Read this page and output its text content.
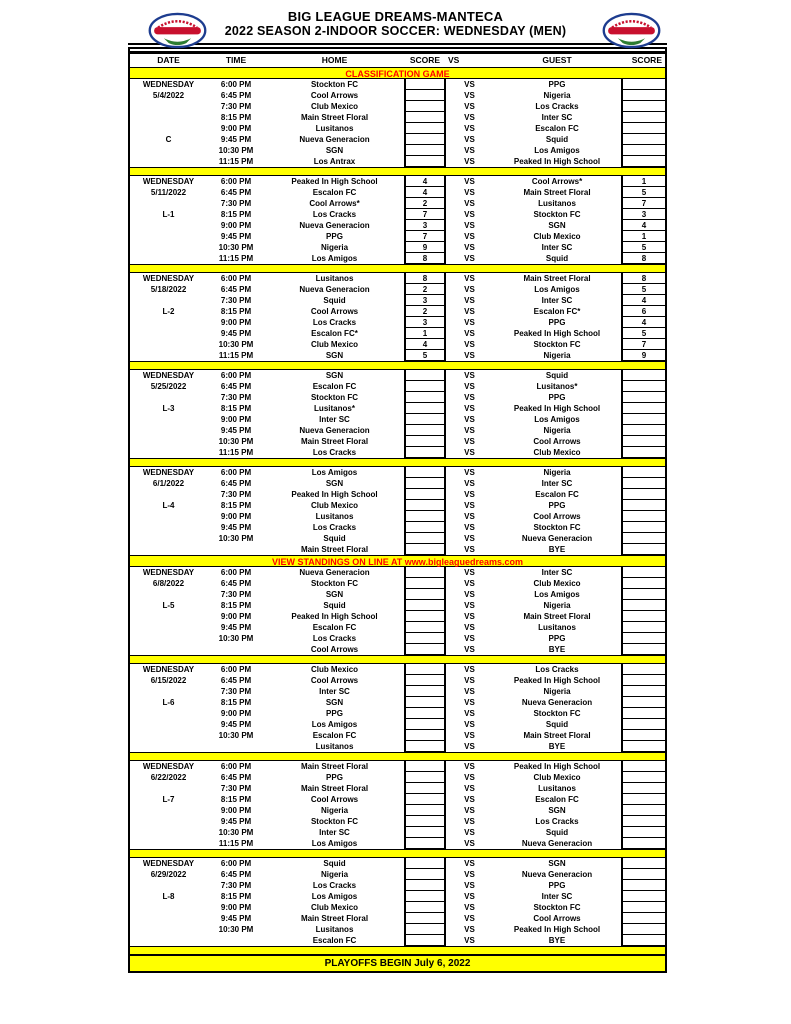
BIG LEAGUE DREAMS-MANTECA
2022 SEASON 2-INDOOR SOCCER: WEDNESDAY (MEN)
DATE	TIME	HOME	SCORE VS	GUEST	SCORE
CLASSIFICATION GAME
WEDNESDAY	6:00 PM	Stockton FC	VS	PPG
5/4/2022	6:45 PM	Cool Arrows	VS	Nigeria
7:30 PM	Club Mexico	VS	Los Cracks
8:15 PM	Main Street Floral	VS	Inter SC
9:00 PM	Lusitanos	VS	Escalon FC
C	9:45 PM	Nueva Generacion	VS	Squid
10:30 PM	SGN	VS	Los Amigos
11:15 PM	Los Antrax	VS	Peaked In High School
WEDNESDAY	6:00 PM	Peaked In High School	4	VS	Cool Arrows*	1
5/11/2022	6:45 PM	Escalon FC	4	VS	Main Street Floral	5
7:30 PM	Cool Arrows*	2	VS	Lusitanos	7
L-1	8:15 PM	Los Cracks	7	VS	Stockton FC	3
9:00 PM	Nueva Generacion	3	VS	SGN	4
9:45 PM	PPG	7	VS	Club Mexico	1
10:30 PM	Nigeria	9	VS	Inter SC	5
11:15 PM	Los Amigos	8	VS	Squid	8
WEDNESDAY	6:00 PM	Lusitanos	8	VS	Main Street Floral	8
5/18/2022	6:45 PM	Nueva Generacion	2	VS	Los Amigos	5
7:30 PM	Squid	3	VS	Inter SC	4
L-2	8:15 PM	Cool Arrows	2	VS	Escalon FC*	6
9:00 PM	Los Cracks	3	VS	PPG	4
9:45 PM	Escalon FC*	1	VS	Peaked In High School	5
10:30 PM	Club Mexico	4	VS	Stockton FC	7
11:15 PM	SGN	5	VS	Nigeria	9
WEDNESDAY	6:00 PM	SGN	VS	Squid
5/25/2022	6:45 PM	Escalon FC	VS	Lusitanos*
7:30 PM	Stockton FC	VS	PPG
L-3	8:15 PM	Lusitanos*	VS	Peaked In High School
9:00 PM	Inter SC	VS	Los Amigos
9:45 PM	Nueva Generacion	VS	Nigeria
10:30 PM	Main Street Floral	VS	Cool Arrows
11:15 PM	Los Cracks	VS	Club Mexico
WEDNESDAY	6:00 PM	Los Amigos	VS	Nigeria
6/1/2022	6:45 PM	SGN	VS	Inter SC
7:30 PM	Peaked In High School	VS	Escalon FC
L-4	8:15 PM	Club Mexico	VS	PPG
9:00 PM	Lusitanos	VS	Cool Arrows
9:45 PM	Los Cracks	VS	Stockton FC
10:30 PM	Squid	VS	Nueva Generacion
Main Street Floral	VS	BYE
VIEW STANDINGS ON LINE AT www.bigleaguedreams.com
WEDNESDAY	6:00 PM	Nueva Generacion	VS	Inter SC
6/8/2022	6:45 PM	Stockton FC	VS	Club Mexico
7:30 PM	SGN	VS	Los Amigos
L-5	8:15 PM	Squid	VS	Nigeria
9:00 PM	Peaked In High School	VS	Main Street Floral
9:45 PM	Escalon FC	VS	Lusitanos
10:30 PM	Los Cracks	VS	PPG
Cool Arrows	VS	BYE
WEDNESDAY	6:00 PM	Club Mexico	VS	Los Cracks
6/15/2022	6:45 PM	Cool Arrows	VS	Peaked In High School
7:30 PM	Inter SC	VS	Nigeria
L-6	8:15 PM	SGN	VS	Nueva Generacion
9:00 PM	PPG	VS	Stockton FC
9:45 PM	Los Amigos	VS	Squid
10:30 PM	Escalon FC	VS	Main Street Floral
Lusitanos	VS	BYE
WEDNESDAY	6:00 PM	Main Street Floral	VS	Peaked In High School
6/22/2022	6:45 PM	PPG	VS	Club Mexico
7:30 PM	Main Street Floral	VS	Lusitanos
L-7	8:15 PM	Cool Arrows	VS	Escalon FC
9:00 PM	Nigeria	VS	SGN
9:45 PM	Stockton FC	VS	Los Cracks
10:30 PM	Inter SC	VS	Squid
11:15 PM	Los Amigos	VS	Nueva Generacion
WEDNESDAY	6:00 PM	Squid	VS	SGN
6/29/2022	6:45 PM	Nigeria	VS	Nueva Generacion
7:30 PM	Los Cracks	VS	PPG
L-8	8:15 PM	Los Amigos	VS	Inter SC
9:00 PM	Club Mexico	VS	Stockton FC
9:45 PM	Main Street Floral	VS	Cool Arrows
10:30 PM	Lusitanos	VS	Peaked In High School
Escalon FC	VS	BYE
PLAYOFFS BEGIN July 6, 2022
